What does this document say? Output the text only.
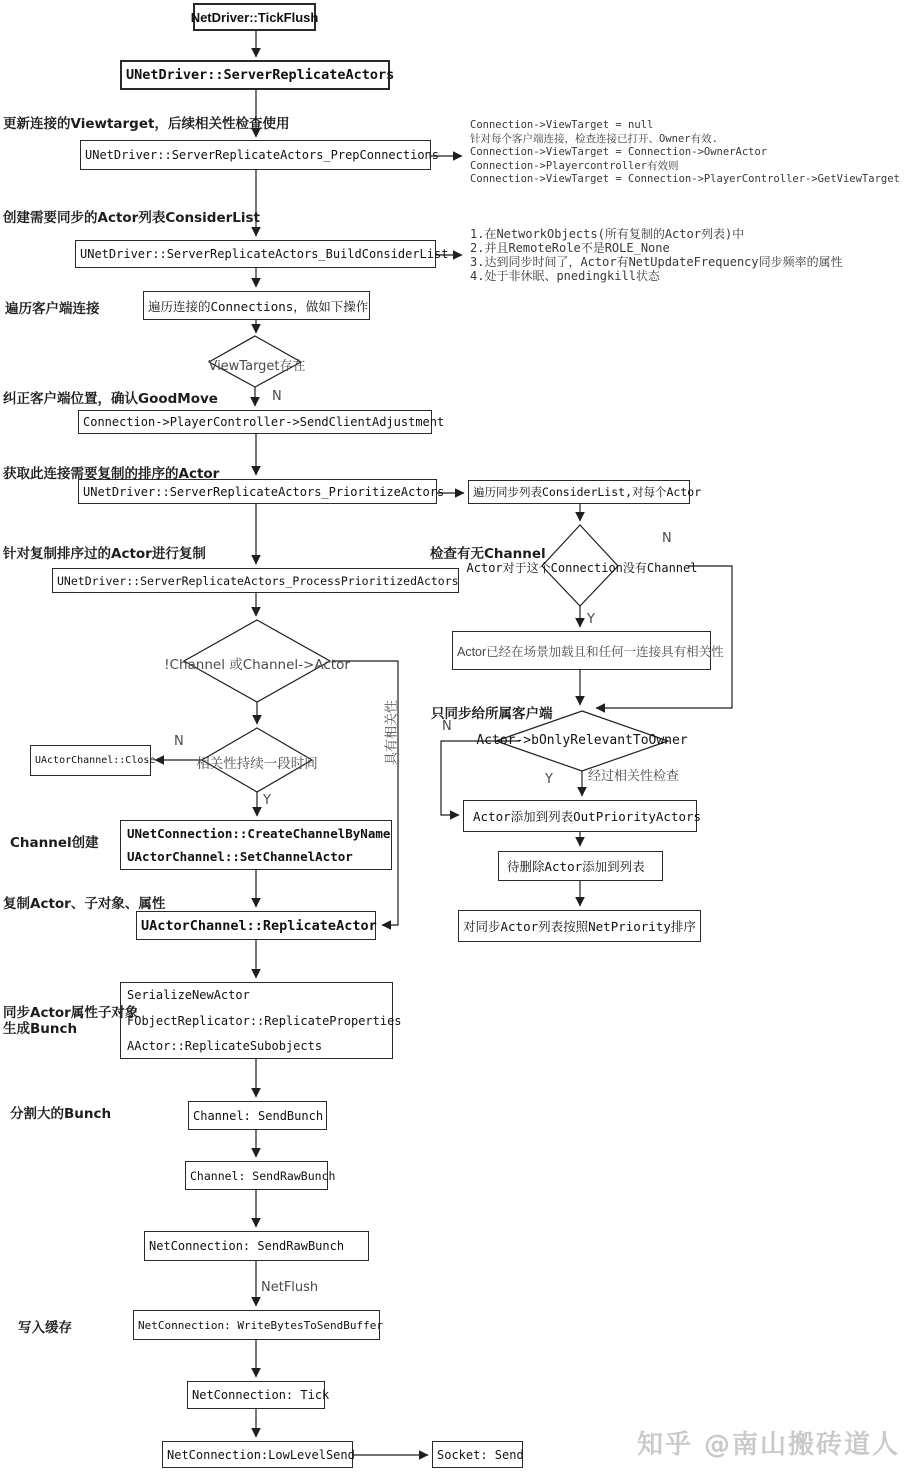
NetDriver::TickFlush
UNetDriver::ServerReplicateActors
UNetDriver::ServerReplicateActors_PrepConnections
UNetDriver::ServerReplicateActors_BuildConsiderList
遍历连接的Connections，做如下操作
Connection->PlayerController->SendClientAdjustment
UNetDriver::ServerReplicateActors_PrioritizeActors
UNetDriver::ServerReplicateActors_ProcessPrioritizedActors
UActorChannel::Close
UNetConnection::CreateChannelByName
UActorChannel::SetChannelActor
UActorChannel::ReplicateActor
SerializeNewActor
FObjectReplicator::ReplicateProperties
AActor::ReplicateSubobjects
Channel: SendBunch
Channel: SendRawBunch
NetConnection: SendRawBunch
NetConnection: WriteBytesToSendBuffer
NetConnection: Tick
NetConnection:LowLevelSend	Socket: Send
遍历同步列表ConsiderList,对每个Actor
Actor已经在场景加载且和任何一连接具有相关性
Actor添加到列表OutPriorityActors
待删除Actor添加到列表
对同步Actor列表按照NetPriority排序
ViewTarget存在
Actor对于这个Connection没有Channel
Actor->bOnlyRelevantToOwner
!Channel 或Channel->Actor
相关性持续一段时间
更新连接的Viewtarget，后续相关性检查使用
创建需要同步的Actor列表ConsiderList
遍历客户端连接
纠正客户端位置，确认GoodMove
获取此连接需要复制的排序的Actor
针对复制排序过的Actor进行复制	检查有无Channel
只同步给所属客户端
Channel创建
复制Actor、子对象、属性
同步Actor属性子对象
生成Bunch
分割大的Bunch
写入缓存
N
N
Y
N
Y	经过相关性检查
N
Y
NetFlush
具有相关性
Connection->ViewTarget = null
针对每个客户端连接，检查连接已打开、Owner有效.
Connection->ViewTarget = Connection->OwnerActor
Connection->Playercontroller有效则
Connection->ViewTarget = Connection->PlayerController->GetViewTarget
1.在NetworkObjects(所有复制的Actor列表)中
2.并且RemoteRole不是ROLE_None
3.达到同步时间了，Actor有NetUpdateFrequency同步频率的属性
4.处于非休眠、pnedingkill状态
知乎 @南山搬砖道人
